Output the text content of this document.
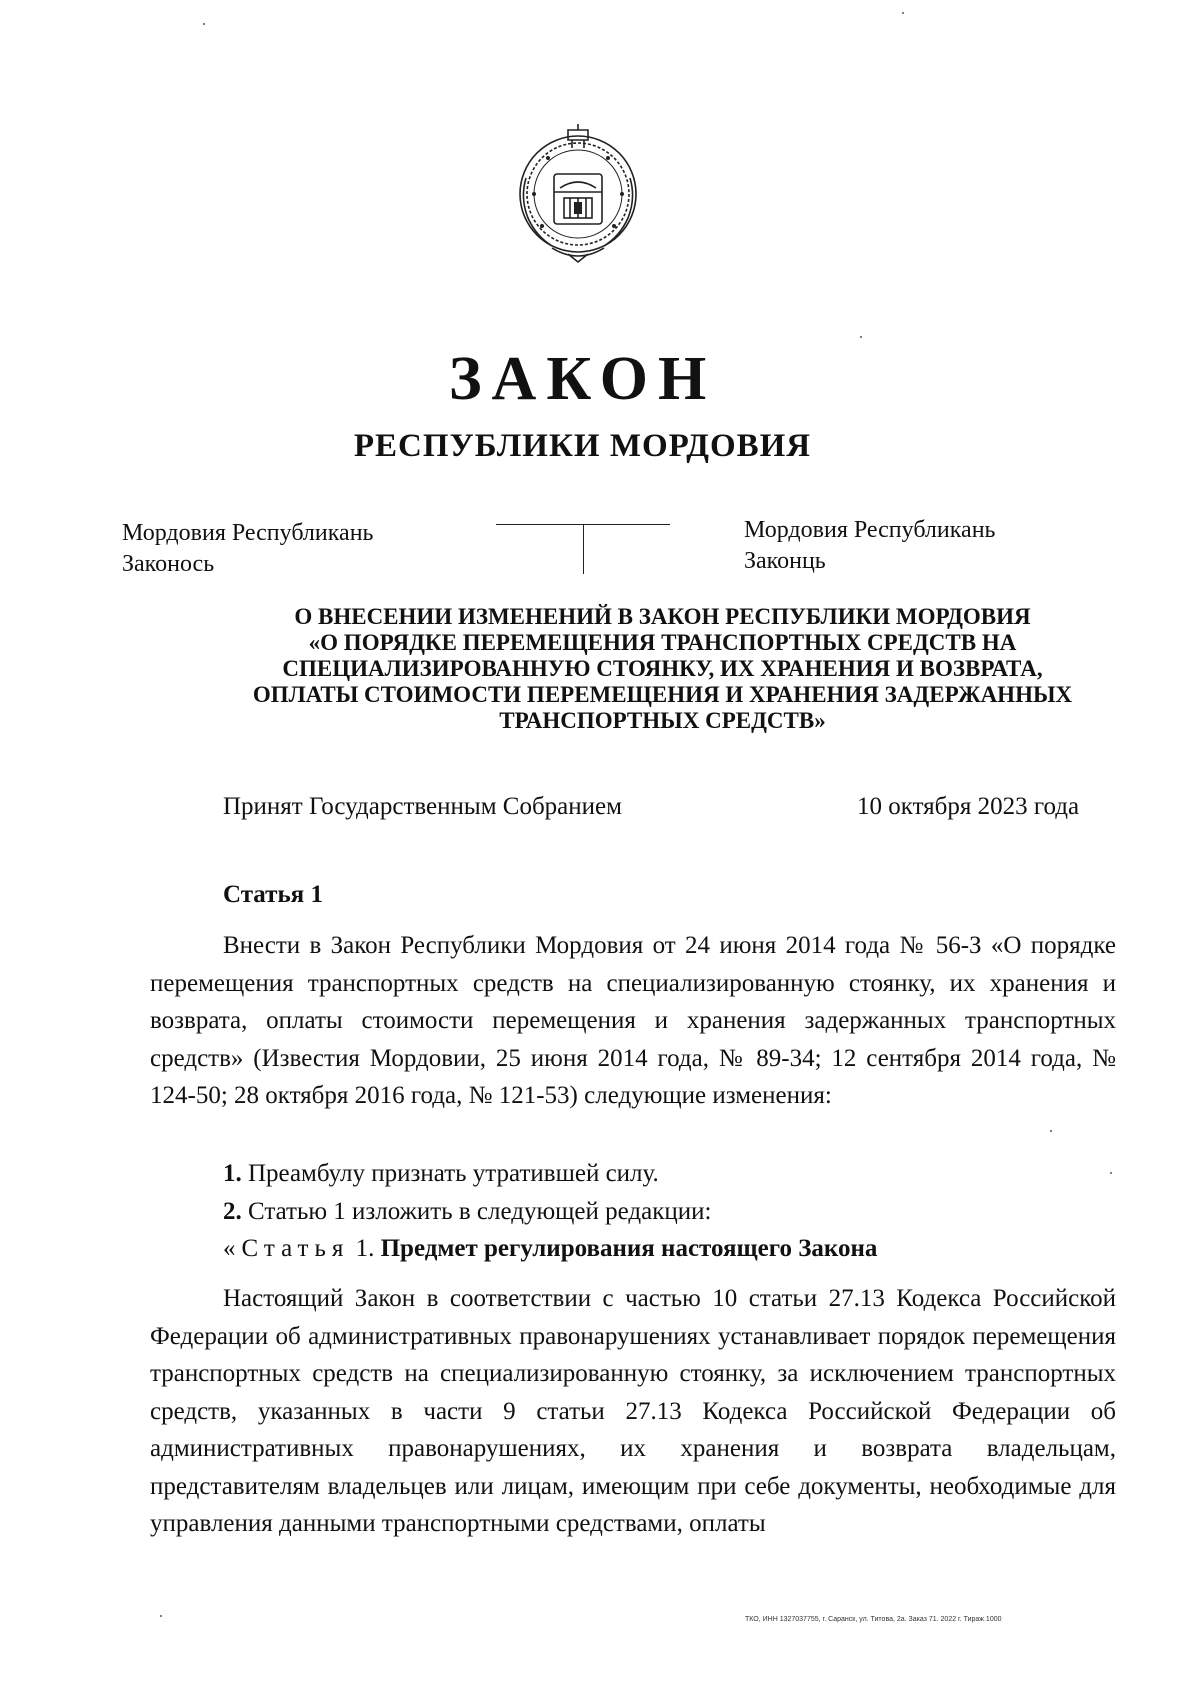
ЗАКОН
РЕСПУБЛИКИ МОРДОВИЯ
Мордовия Республикань
Законось
Мордовия Республикань
Законць
О ВНЕСЕНИИ ИЗМЕНЕНИЙ В ЗАКОН РЕСПУБЛИКИ МОРДОВИЯ
«О ПОРЯДКЕ ПЕРЕМЕЩЕНИЯ ТРАНСПОРТНЫХ СРЕДСТВ НА
СПЕЦИАЛИЗИРОВАННУЮ СТОЯНКУ, ИХ ХРАНЕНИЯ И ВОЗВРАТА,
ОПЛАТЫ СТОИМОСТИ ПЕРЕМЕЩЕНИЯ И ХРАНЕНИЯ ЗАДЕРЖАННЫХ
ТРАНСПОРТНЫХ СРЕДСТВ»
Принят Государственным Собранием	10 октября 2023 года
Статья 1

Внести в Закон Республики Мордовия от 24 июня 2014 года № 56-З «О порядке перемещения транспортных средств на специализированную стоянку, их хранения и возврата, оплаты стоимости перемещения и хранения задержанных транспортных средств» (Известия Мордовии, 25 июня 2014 года, № 89-34; 12 сентября 2014 года, № 124-50; 28 октября 2016 года, № 121-53) следующие изменения:

1. Преамбулу признать утратившей силу.
2. Статью 1 изложить в следующей редакции:
«Статья 1. Предмет регулирования настоящего Закона

Настоящий Закон в соответствии с частью 10 статьи 27.13 Кодекса Российской Федерации об административных правонарушениях устанавливает порядок перемещения транспортных средств на специализированную стоянку, за исключением транспортных средств, указанных в части 9 статьи 27.13 Кодекса Российской Федерации об административных правонарушениях, их хранения и возврата владельцам, представителям владельцев или лицам, имеющим при себе документы, необходимые для управления данными транспортными средствами, оплаты

ТКО, ИНН 1327037755, г. Саранск, ул. Титова, 2а. Заказ 71. 2022 г. Тираж 1000
